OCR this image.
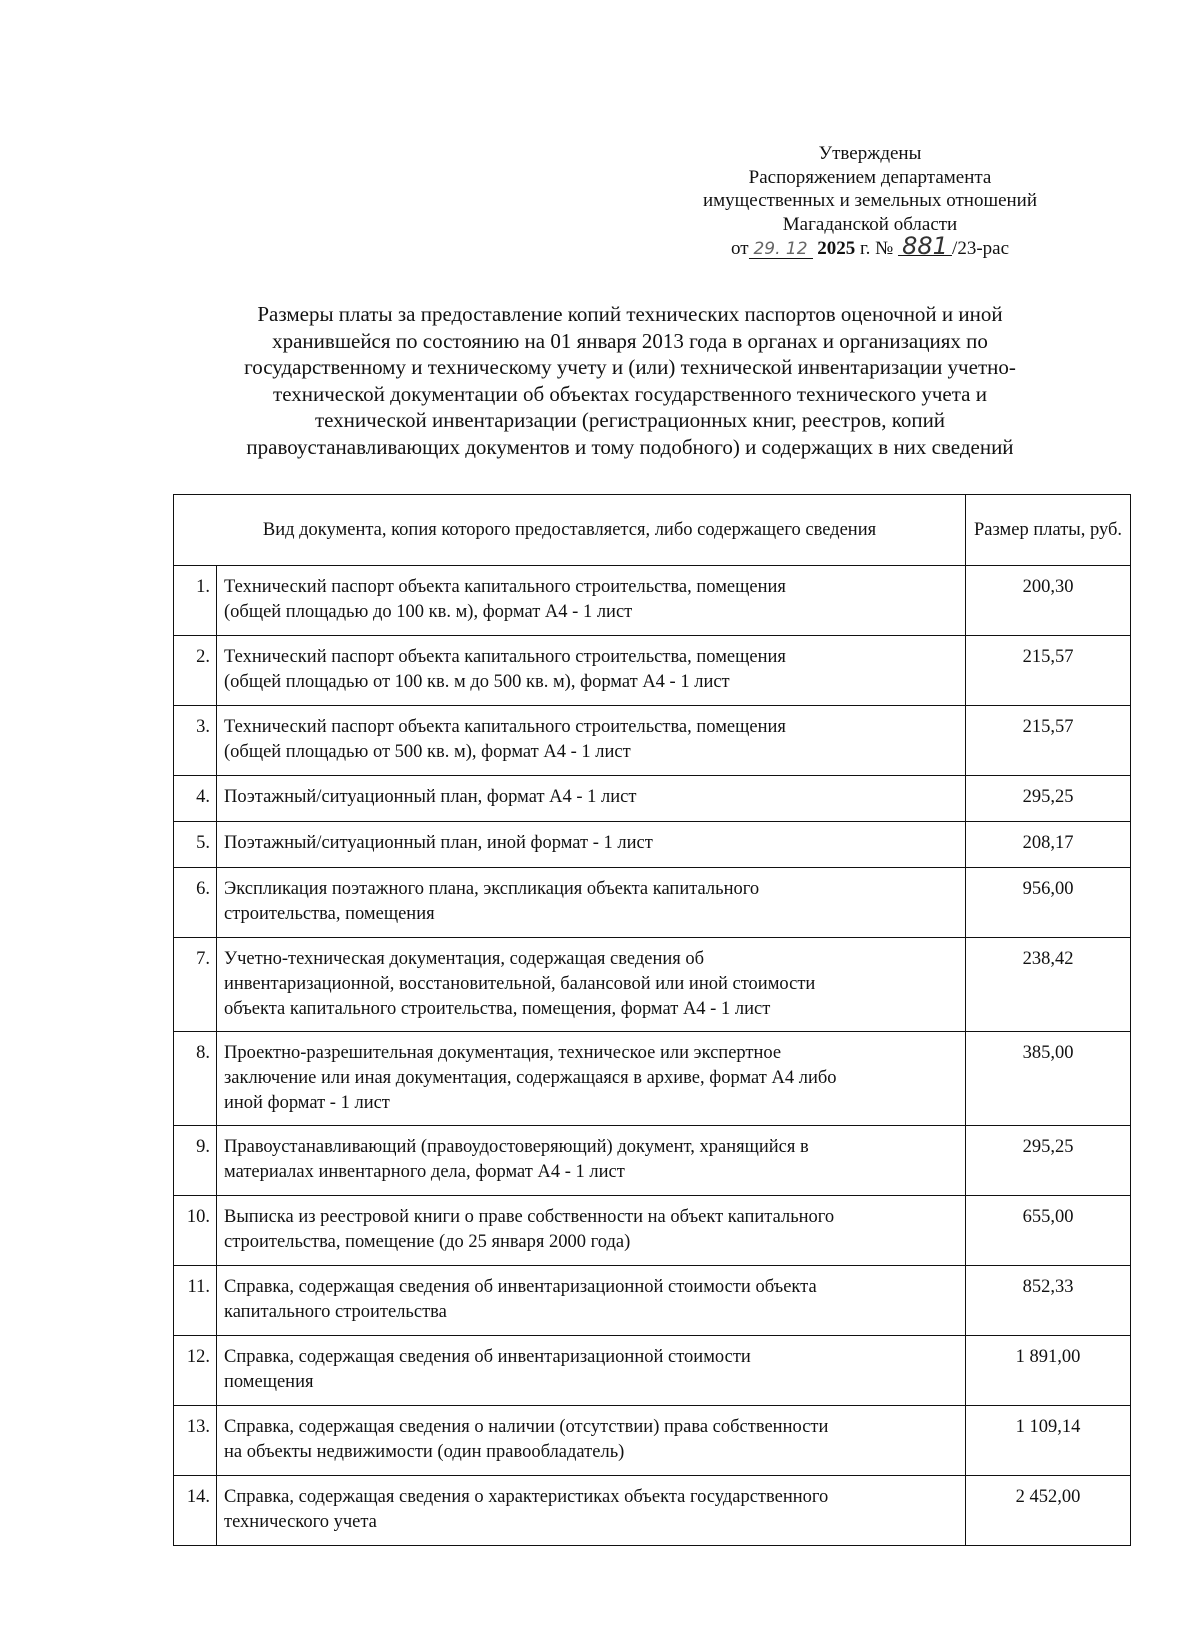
Утверждены
Распоряжением департамента
имущественных и земельных отношений
Магаданской области
от 29. 12 2025 г. № 881 /23-рас
Размеры платы за предоставление копий технических паспортов оценочной и иной
хранившейся по состоянию на 01 января 2013 года в органах и организациях по
государственному и техническому учету и (или) технической инвентаризации учетно-
технической документации об объектах государственного технического учета и
технической инвентаризации (регистрационных книг, реестров, копий
правоустанавливающих документов и тому подобного) и содержащих в них сведений
Вид документа, копия которого предоставляется, либо содержащего сведения		Размер платы, руб.
1.	Технический паспорт объекта капитального строительства, помещения
(общей площадью до 100 кв. м), формат А4 - 1 лист	200,30
2.	Технический паспорт объекта капитального строительства, помещения
(общей площадью от 100 кв. м до 500 кв. м), формат А4 - 1 лист	215,57
3.	Технический паспорт объекта капитального строительства, помещения
(общей площадью от 500 кв. м), формат А4 - 1 лист	215,57
4.	Поэтажный/ситуационный план, формат А4 - 1 лист	295,25
5.	Поэтажный/ситуационный план, иной формат - 1 лист	208,17
6.	Экспликация поэтажного плана, экспликация объекта капитального
строительства, помещения	956,00
7.	Учетно-техническая документация, содержащая сведения об
инвентаризационной, восстановительной, балансовой или иной стоимости
объекта капитального строительства, помещения, формат А4 - 1 лист	238,42
8.	Проектно-разрешительная документация, техническое или экспертное
заключение или иная документация, содержащаяся в архиве, формат А4 либо
иной формат - 1 лист	385,00
9.	Правоустанавливающий (правоудостоверяющий) документ, хранящийся в
материалах инвентарного дела, формат А4 - 1 лист	295,25
10.	Выписка из реестровой книги о праве собственности на объект капитального
строительства, помещение (до 25 января 2000 года)	655,00
11.	Справка, содержащая сведения об инвентаризационной стоимости объекта
капитального строительства	852,33
12.	Справка, содержащая сведения об инвентаризационной стоимости
помещения	1 891,00
13.	Справка, содержащая сведения о наличии (отсутствии) права собственности
на объекты недвижимости (один правообладатель)	1 109,14
14.	Справка, содержащая сведения о характеристиках объекта государственного
технического учета	2 452,00
